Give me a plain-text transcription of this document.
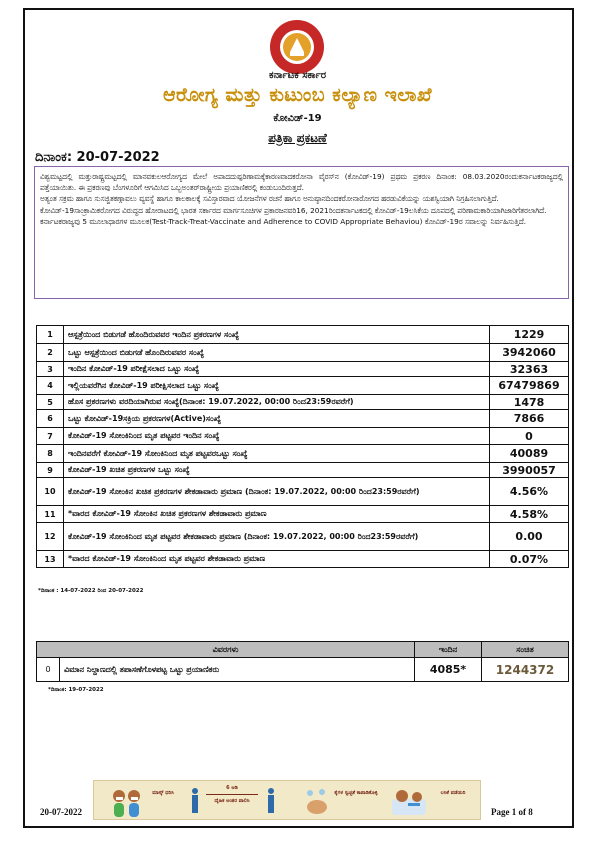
ಕರ್ನಾಟಕ ಸರ್ಕಾರ
ಆರೋಗ್ಯ ಮತ್ತು ಕುಟುಂಬ ಕಲ್ಯಾಣ ಇಲಾಖೆ
ಕೋವಿಡ್-19
ಪತ್ರಿಕಾ ಪ್ರಕಟಣೆ
ದಿನಾಂಕ: 20-07-2022

ವಿಶ್ವಮಟ್ಟದಲ್ಲಿ ಮತ್ತುರಾಷ್ಟ್ರಮಟ್ಟದಲ್ಲಿ ಮಾನವಕುಲಆರೋಗ್ಯದ ಮೇಲೆ ಅಪಾದದುಷ್ಪರಿಣಾಮಕ್ಕೆಕಾರಣವಾದಕರೋನಾ ವೈರಸ್‌ನ (ಕೋವಿಡ್-19) ಪ್ರಥಮ ಪ್ರಕರಣ ದಿನಾಂಕ: 08.03.2020ರಂದುಕರ್ನಾಟಕರಾಜ್ಯದಲ್ಲಿ ಪತ್ತೆಯಾಯಿತು. ಈ ಪ್ರಕರಣವು ಬೆಂಗಳೂರಿಗೆ ಆಗಮಿಸಿದ ಒಬ್ಬಅಂತರ್‌ರಾಷ್ಟ್ರೀಯ ಪ್ರಯಾಣಿಕರಲ್ಲಿ ಕಂಡುಬಂದಿರುತ್ತದೆ.

ಅತ್ಯಂತ ಸಕ್ರಮ ಹಾಗೂ ಸುಸಜ್ಜಿತಕಣ್ಗಾವಲು ವ್ಯವಸ್ಥೆ ಹಾಗೂ ಕಾಲಕಾಲಕ್ಕೆ ಸವಿಸ್ತಾರವಾದ ಯೋಜನೆಗಳ ರಚನೆ ಹಾಗೂ ಅನುಷ್ಠಾನದಿಂದಕರೋನಾರೋಗದ ಹರಡುವಿಕೆಯನ್ನು ಯಶಸ್ವಿಯಾಗಿ ನಿಗ್ರಹಿಸಲಾಗುತ್ತಿದೆ.

ಕೋವಿಡ್-19ಸಾಂಕ್ರಾಮಿಕರೋಗದ ವಿರುದ್ಧದ ಹೋರಾಟದಲ್ಲಿ ಭಾರತ ಸರ್ಕಾರದ ಮಾರ್ಗಸೂಚಿಗಳ ಪ್ರಕಾರಜನವರಿ16, 2021ರಿಂದಕರ್ನಾಟಕದಲ್ಲಿ ಕೋವಿಡ್-19ಲಸಿಕೆಯ ದೂಪದಲ್ಲಿ ಪರಿಣಾಮಕಾರಿಯಾಗಿಜಾರಿಗೆತರಲಾಗಿದೆ.

ಕರ್ನಾಟಕರಾಜ್ಯವು 5 ಮೂಲಾಧಾರಗಳ ಮೂಲಕ(Test-Track-Treat-Vaccinate and Adherence to COVID Appropriate Behaviou) ಕೋವಿಡ್-19ರ ಸವಾಲನ್ನು ನಿರ್ವಹಿಸುತ್ತಿದೆ.

1	ಆಸ್ಪತ್ರೆಯಿಂದ ಬಿಡುಗಡೆ ಹೊಂದಿರುವವರ ಇಂದಿನ ಪ್ರಕರಣಗಳ ಸಂಖ್ಯೆ	1229
2	ಒಟ್ಟು ಆಸ್ಪತ್ರೆಯಿಂದ ಬಿಡುಗಡೆ ಹೊಂದಿರುವವರ ಸಂಖ್ಯೆ	3942060
3	ಇಂದಿನ ಕೋವಿಡ್-19 ಪರೀಕ್ಷೆಸಲಾದ ಒಟ್ಟು ಸಂಖ್ಯೆ	32363
4	ಇಲ್ಲಿಯವರೆಗಿನ ಕೋವಿಡ್-19 ಪರೀಕ್ಷಿಸಲಾದ ಒಟ್ಟು ಸಂಖ್ಯೆ	67479869
5	ಹೊಸ ಪ್ರಕರಣಗಳು ವರದಿಯಾಗಿರುವ ಸಂಖ್ಯೆ(ದಿನಾಂಕ: 19.07.2022, 00:00 ರಿಂದ23:59ರವರೆಗೆ)	1478
6	ಒಟ್ಟು ಕೋವಿಡ್-19ಸಕ್ರಿಯ ಪ್ರಕರಣಗಳ(Active)ಸಂಖ್ಯೆ	7866
7	ಕೋವಿಡ್-19 ಸೋಂಕಿನಿಂದ ಮೃತ ಪಟ್ಟವರ ಇಂದಿನ ಸಂಖ್ಯೆ	0
8	ಇಂದಿನವರೆಗೆ ಕೋವಿಡ್-19 ಸೋಂಕಿನಿಂದ ಮೃತ ಪಟ್ಟವರಒಟ್ಟು ಸಂಖ್ಯೆ	40089
9	ಕೋವಿಡ್-19 ಖಚಿತ ಪ್ರಕರಣಗಳ ಒಟ್ಟು ಸಂಖ್ಯೆ	3990057
10	ಕೋವಿಡ್-19 ಸೋಂಕಿನ ಖಚಿತ ಪ್ರಕರಣಗಳ ಶೇಕಡಾವಾರು ಪ್ರಮಾಣ (ದಿನಾಂಕ: 19.07.2022, 00:00 ರಿಂದ23:59ರವರೆಗೆ)	4.56%
11	*ವಾರದ ಕೋವಿಡ್-19 ಸೋಂಕಿನ ಖಚಿತ ಪ್ರಕರಣಗಳ ಶೇಕಡಾವಾರು ಪ್ರಮಾಣ	4.58%
12	ಕೋವಿಡ್-19 ಸೋಂಕಿನಿಂದ ಮೃತ ಪಟ್ಟವರ ಶೇಕಡಾವಾರು ಪ್ರಮಾಣ (ದಿನಾಂಕ: 19.07.2022, 00:00 ರಿಂದ23:59ರವರೆಗೆ)	0.00
13	*ವಾರದ ಕೋವಿಡ್-19 ಸೋಂಕಿನಿಂದ ಮೃತ ಪಟ್ಟವರ ಶೇಕಡಾವಾರು ಪ್ರಮಾಣ	0.07%
*ದಿನಾಂಕ : 14-07-2022 ರಿಂದ 20-07-2022
ವಿವರಗಳು		ಇಂದಿನ	ಸಂಚಿತ
0	ವಿಮಾನ ನಿಲ್ದಾಣದಲ್ಲಿ ತಪಾಸಣೆಗೊಳಪಟ್ಟ ಒಟ್ಟು ಪ್ರಯಾಣಿಕರು	4085*	1244372
*ದಿನಾಂಕ: 19-07-2022
ಮಾಸ್ಕ್ ಧರಿಸಿ
6 ಅಡಿ
ದೈಹಿಕ ಅಂತರ ಪಾಲಿಸಿ
ಕೈಗಳ ಸ್ವಚ್ಛತೆ ಕಾಪಾಡಿಕೊಳ್ಳಿ	ಲಸಿಕೆ ಪಡೆಯಿರಿ
20-07-2022	Page 1 of 8
